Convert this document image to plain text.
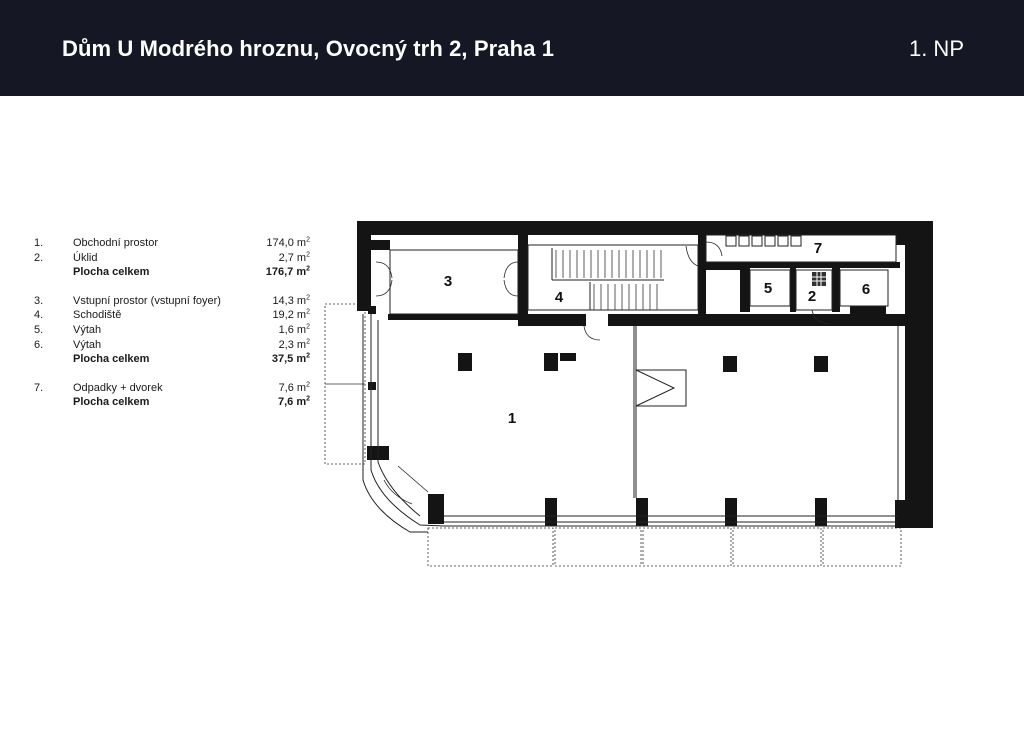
Dům U Modrého hroznu, Ovocný trh 2, Praha 1	1. NP
1.	Obchodní prostor	174,0 $m^2$
2.	Úklid	2,7 $m^2$
Plocha celkem	176,7 $m^2$
3.	Vstupní prostor (vstupní foyer)	14,3 $m^2$
4.	Schodiště	19,2 $m^2$
5.	Výtah	1,6 $m^2$
6.	Výtah	2,3 $m^2$
Plocha celkem	37,5 $m^2$
7.	Odpadky + dvorek	7,6 $m^2$
Plocha celkem	7,6 $m^2$
1
2
3
4
5	6
7
